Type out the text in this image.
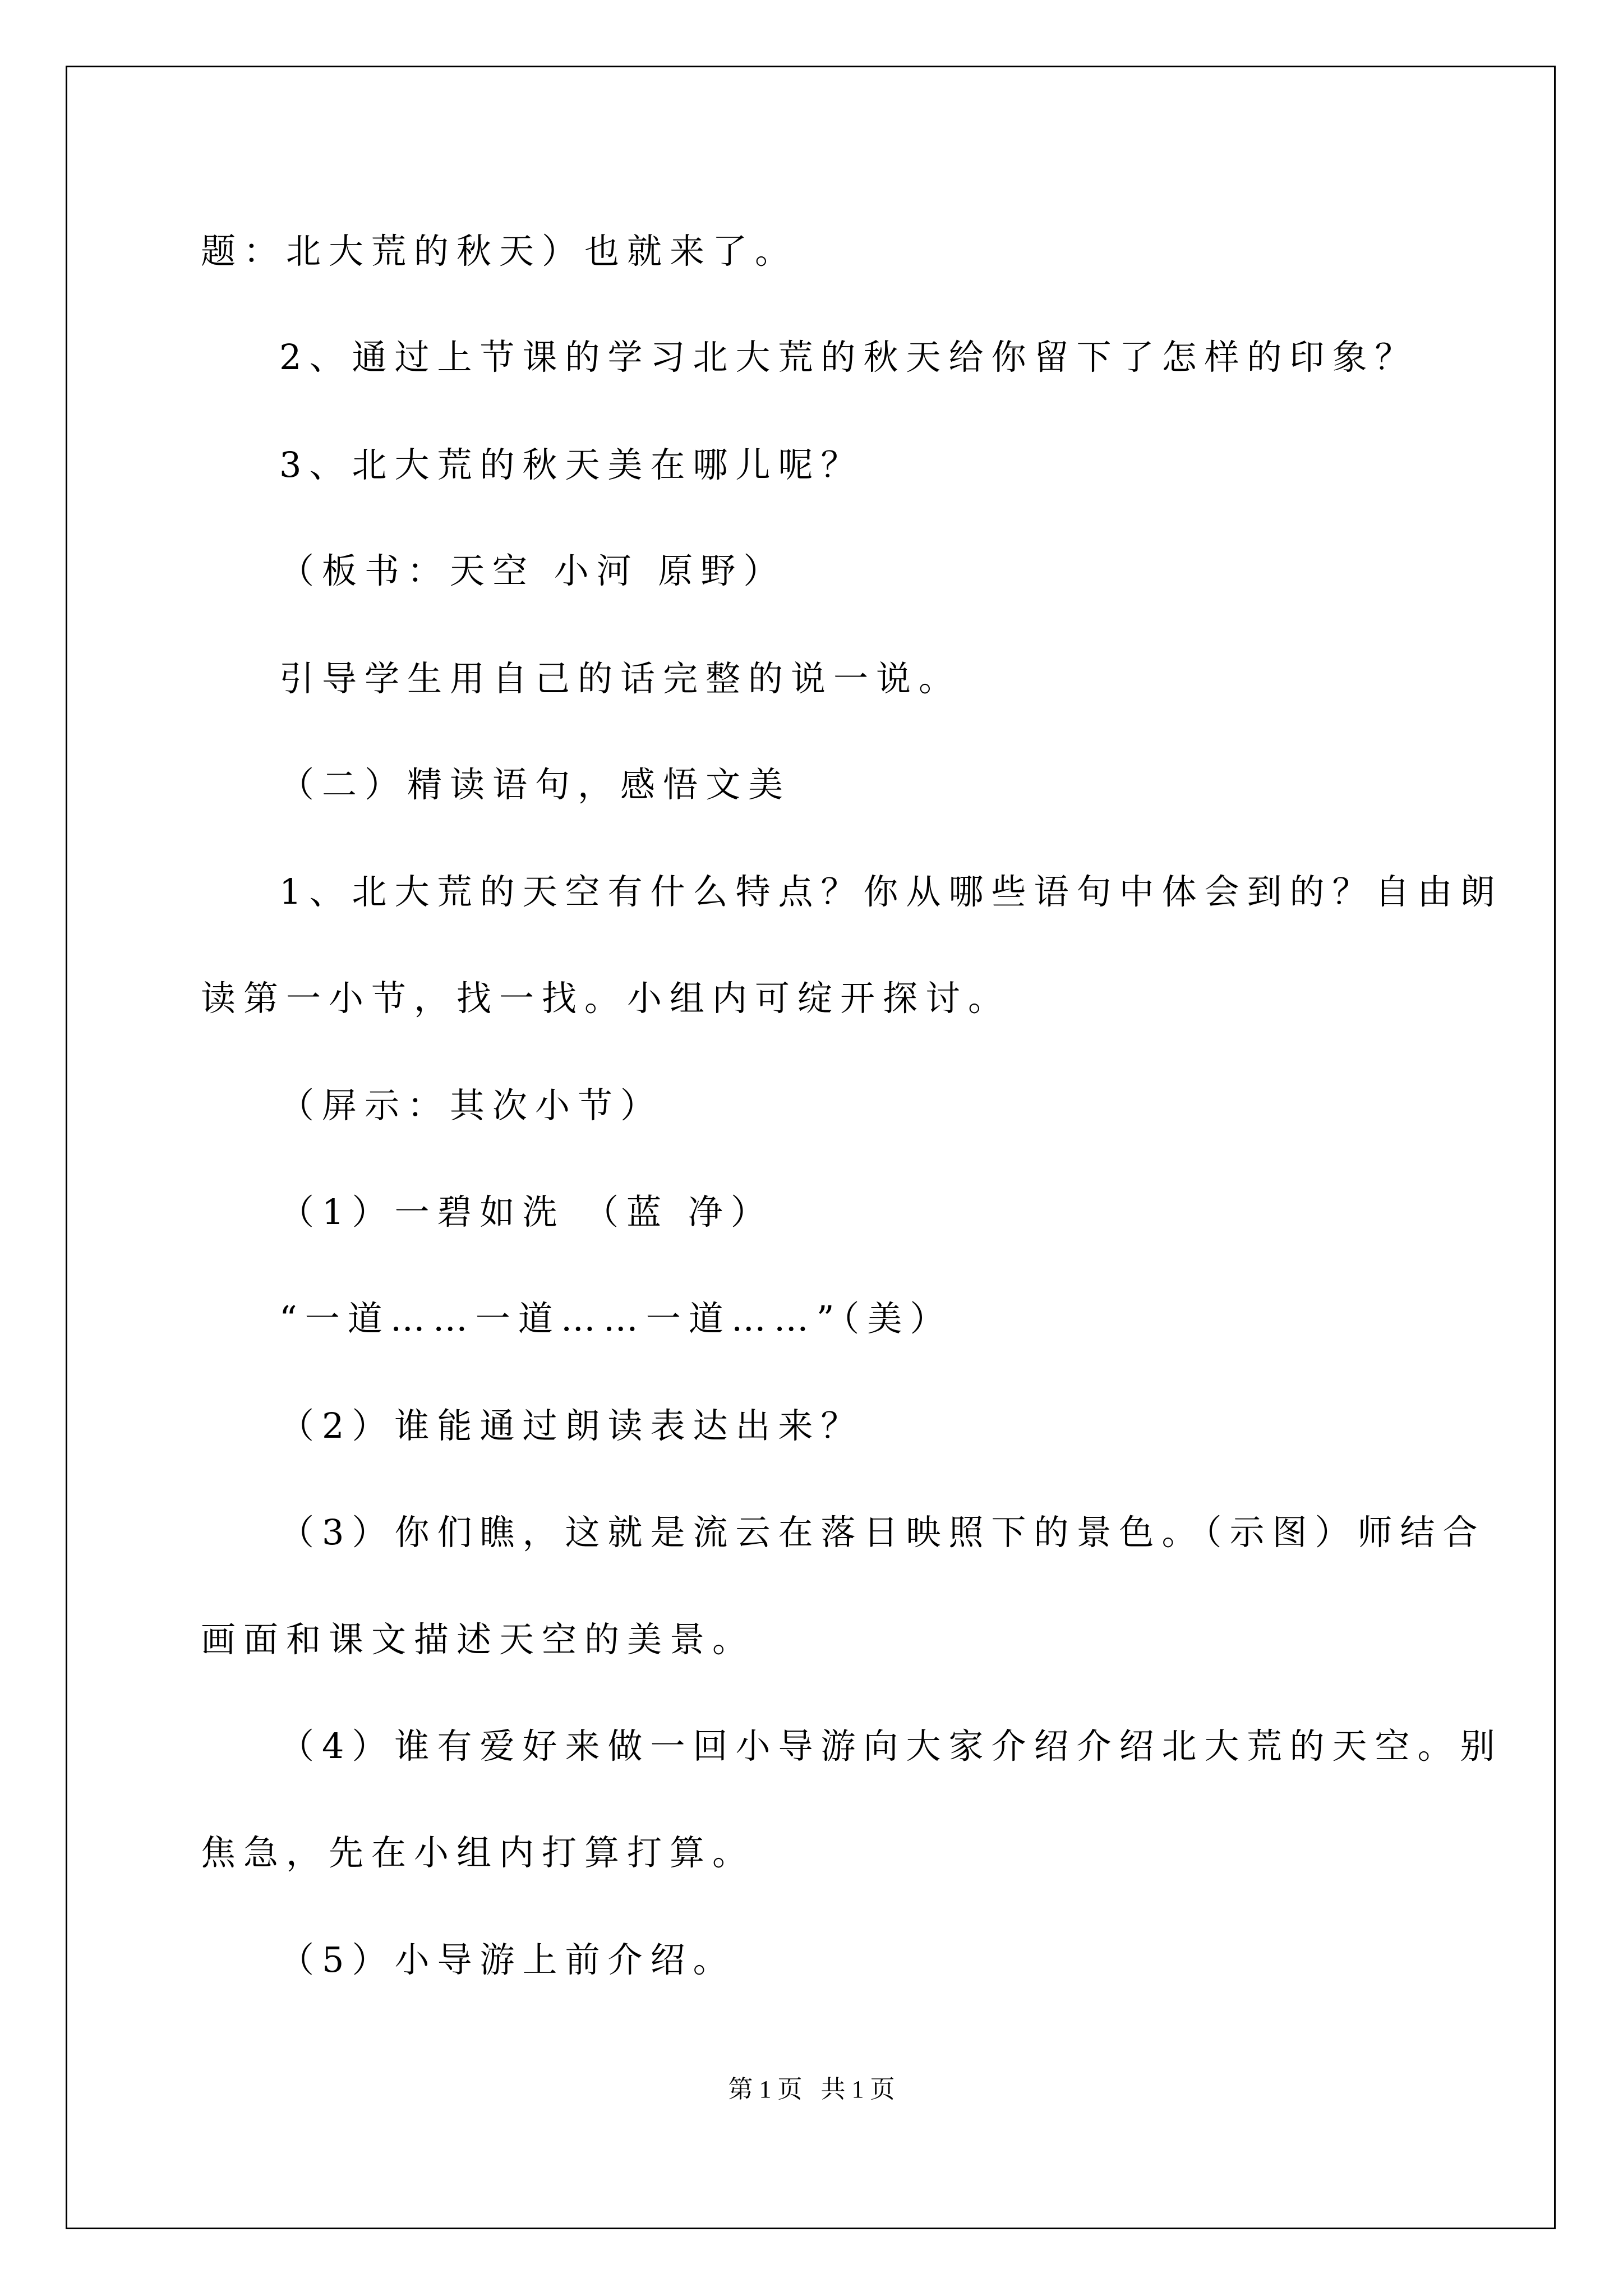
题：北大荒的秋天）也就来了。
2、通过上节课的学习北大荒的秋天给你留下了怎样的印象？
3、北大荒的秋天美在哪儿呢？
（板书：天空 小河 原野）
引导学生用自己的话完整的说一说。
（二）精读语句，感悟文美
1、北大荒的天空有什么特点？你从哪些语句中体会到的？自由朗
读第一小节，找一找。小组内可绽开探讨。
（屏示：其次小节）
（1）一碧如洗 （蓝 净）
“一道……一道……一道……”（美）
（2）谁能通过朗读表达出来？
（3）你们瞧，这就是流云在落日映照下的景色。（示图）师结合
画面和课文描述天空的美景。
（4）谁有爱好来做一回小导游向大家介绍介绍北大荒的天空。别
焦急，先在小组内打算打算。
（5）小导游上前介绍。
第 1 页   共 1 页
